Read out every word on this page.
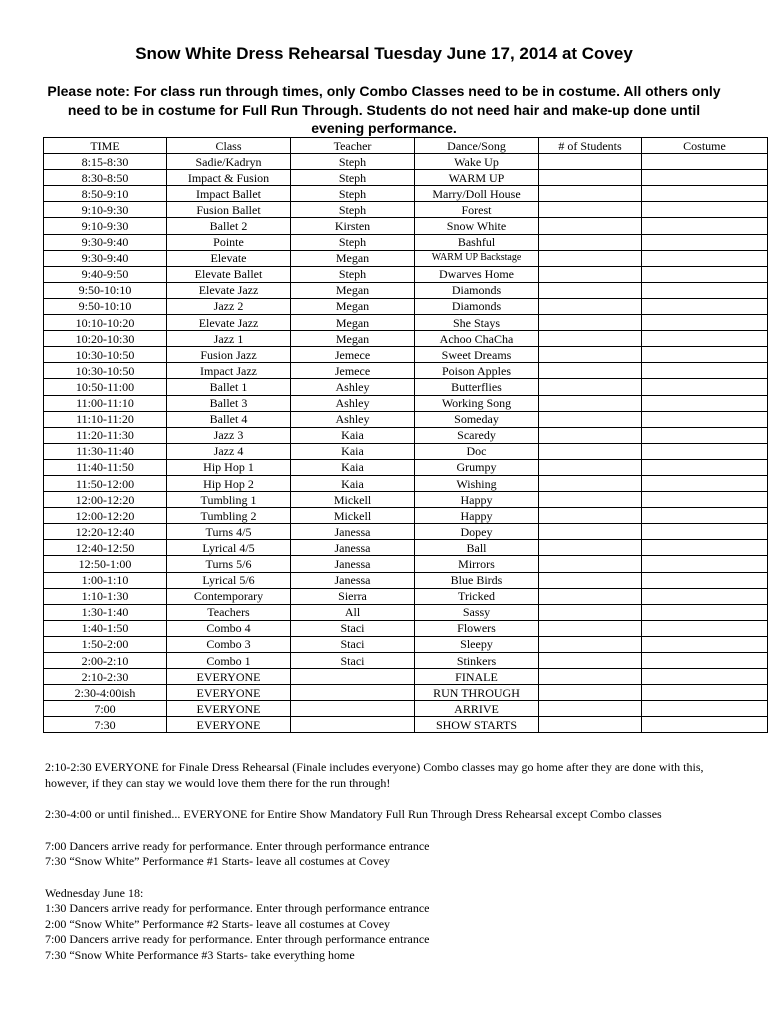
Snow White Dress Rehearsal Tuesday June 17, 2014 at Covey
Please note: For class run through times, only Combo Classes need to be in costume. All others only need to be in costume for Full Run Through. Students do not need hair and make-up done until evening performance.
TIME	Class	Teacher	Dance/Song	# of Students	Costume
8:15-8:30	Sadie/Kadryn	Steph	Wake Up		
8:30-8:50	Impact & Fusion	Steph	WARM UP		
8:50-9:10	Impact Ballet	Steph	Marry/Doll House		
9:10-9:30	Fusion Ballet	Steph	Forest		
9:10-9:30	Ballet 2	Kirsten	Snow White		
9:30-9:40	Pointe	Steph	Bashful		
9:30-9:40	Elevate	Megan	WARM UP Backstage		
9:40-9:50	Elevate Ballet	Steph	Dwarves Home		
9:50-10:10	Elevate Jazz	Megan	Diamonds		
9:50-10:10	Jazz 2	Megan	Diamonds		
10:10-10:20	Elevate Jazz	Megan	She Stays		
10:20-10:30	Jazz 1	Megan	Achoo ChaCha		
10:30-10:50	Fusion Jazz	Jemece	Sweet Dreams		
10:30-10:50	Impact Jazz	Jemece	Poison Apples		
10:50-11:00	Ballet 1	Ashley	Butterflies		
11:00-11:10	Ballet 3	Ashley	Working Song		
11:10-11:20	Ballet 4	Ashley	Someday		
11:20-11:30	Jazz 3	Kaia	Scaredy		
11:30-11:40	Jazz 4	Kaia	Doc		
11:40-11:50	Hip Hop 1	Kaia	Grumpy		
11:50-12:00	Hip Hop 2	Kaia	Wishing		
12:00-12:20	Tumbling 1	Mickell	Happy		
12:00-12:20	Tumbling 2	Mickell	Happy		
12:20-12:40	Turns 4/5	Janessa	Dopey		
12:40-12:50	Lyrical 4/5	Janessa	Ball		
12:50-1:00	Turns 5/6	Janessa	Mirrors		
1:00-1:10	Lyrical 5/6	Janessa	Blue Birds		
1:10-1:30	Contemporary	Sierra	Tricked		
1:30-1:40	Teachers	All	Sassy		
1:40-1:50	Combo 4	Staci	Flowers		
1:50-2:00	Combo 3	Staci	Sleepy		
2:00-2:10	Combo 1	Staci	Stinkers		
2:10-2:30	EVERYONE		FINALE		
2:30-4:00ish	EVERYONE		RUN THROUGH		
7:00	EVERYONE		ARRIVE		
7:30	EVERYONE		SHOW STARTS		

2:10-2:30 EVERYONE for Finale Dress Rehearsal (Finale includes everyone) Combo classes may go home after they are done with this, however, if they can stay we would love them there for the run through!

2:30-4:00 or until finished... EVERYONE for Entire Show Mandatory Full Run Through Dress Rehearsal except Combo classes

7:00 Dancers arrive ready for performance. Enter through performance entrance

7:30 “Snow White” Performance #1 Starts- leave all costumes at Covey

Wednesday June 18:

1:30 Dancers arrive ready for performance. Enter through performance entrance

2:00 “Snow White” Performance #2 Starts- leave all costumes at Covey

7:00 Dancers arrive ready for performance. Enter through performance entrance

7:30 “Snow White Performance #3 Starts- take everything home
